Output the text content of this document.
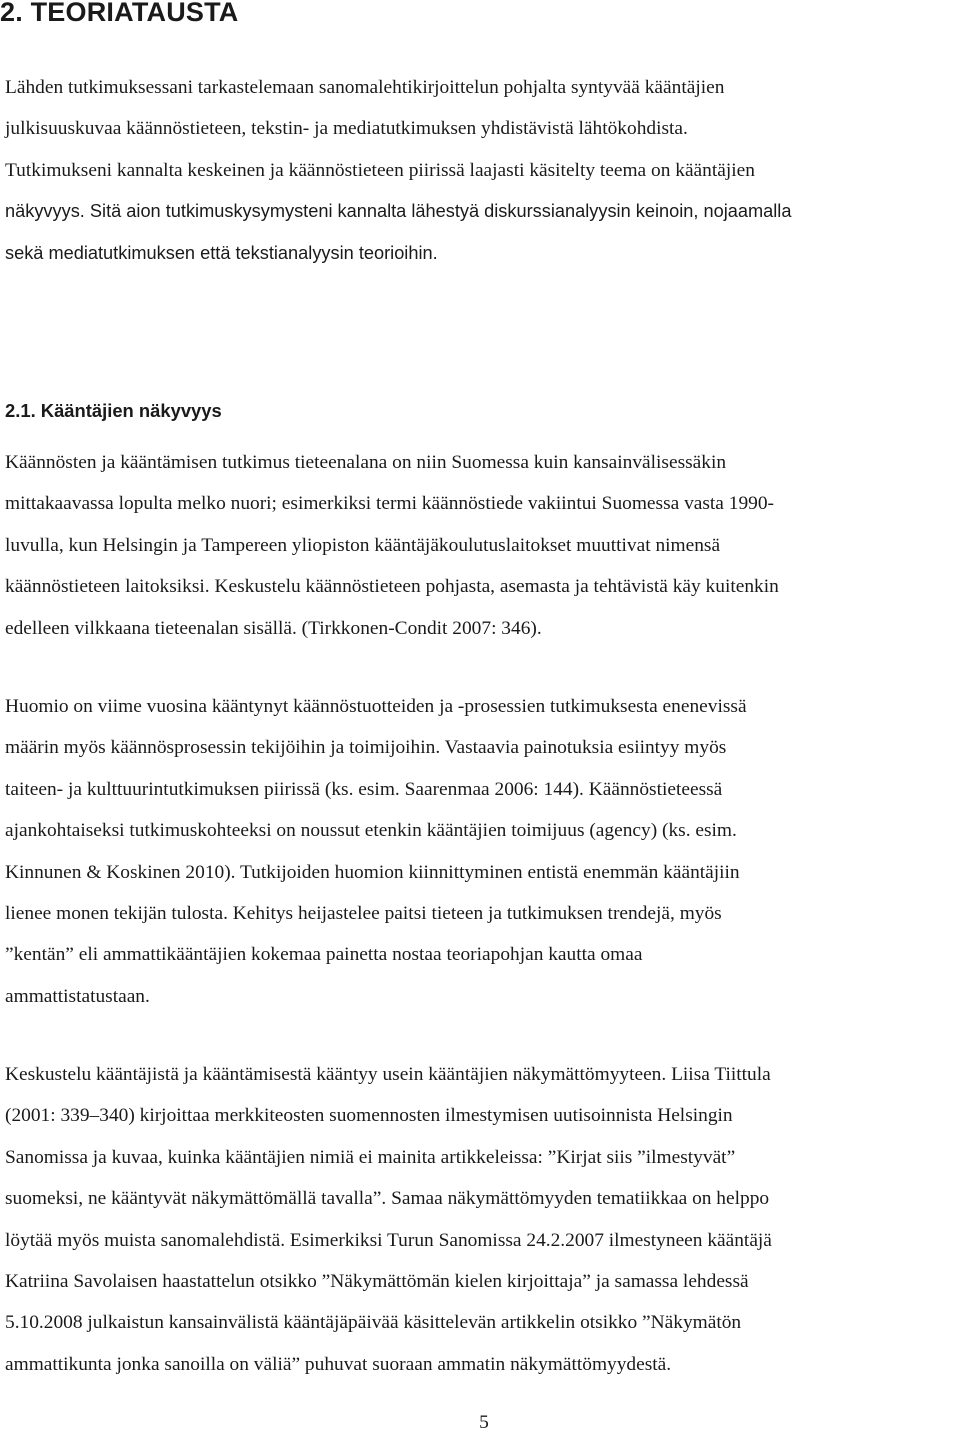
2. TEORIATAUSTA
Lähden tutkimuksessani tarkastelemaan sanomalehtikirjoittelun pohjalta syntyvää kääntäjien
julkisuuskuvaa käännöstieteen, tekstin- ja mediatutkimuksen yhdistävistä lähtökohdista.
Tutkimukseni kannalta keskeinen ja käännöstieteen piirissä laajasti käsitelty teema on kääntäjien
näkyvyys. Sitä aion tutkimuskysymysteni kannalta lähestyä diskurssianalyysin keinoin, nojaamalla
sekä mediatutkimuksen että tekstianalyysin teorioihin.
2.1. Kääntäjien näkyvyys
Käännösten ja kääntämisen tutkimus tieteenalana on niin Suomessa kuin kansainvälisessäkin
mittakaavassa lopulta melko nuori; esimerkiksi termi käännöstiede vakiintui Suomessa vasta 1990-
luvulla, kun Helsingin ja Tampereen yliopiston kääntäjäkoulutuslaitokset muuttivat nimensä
käännöstieteen laitoksiksi. Keskustelu käännöstieteen pohjasta, asemasta ja tehtävistä käy kuitenkin
edelleen vilkkaana tieteenalan sisällä. (Tirkkonen-Condit 2007: 346).
Huomio on viime vuosina kääntynyt käännöstuotteiden ja -prosessien tutkimuksesta enenevissä
määrin myös käännösprosessin tekijöihin ja toimijoihin. Vastaavia painotuksia esiintyy myös
taiteen- ja kulttuurintutkimuksen piirissä (ks. esim. Saarenmaa 2006: 144). Käännöstieteessä
ajankohtaiseksi tutkimuskohteeksi on noussut etenkin kääntäjien toimijuus (agency) (ks. esim.
Kinnunen & Koskinen 2010). Tutkijoiden huomion kiinnittyminen entistä enemmän kääntäjiin
lienee monen tekijän tulosta. Kehitys heijastelee paitsi tieteen ja tutkimuksen trendejä, myös
”kentän” eli ammattikääntäjien kokemaa painetta nostaa teoriapohjan kautta omaa
ammattistatustaan.
Keskustelu kääntäjistä ja kääntämisestä kääntyy usein kääntäjien näkymättömyyteen. Liisa Tiittula
(2001: 339–340) kirjoittaa merkkiteosten suomennosten ilmestymisen uutisoinnista Helsingin
Sanomissa ja kuvaa, kuinka kääntäjien nimiä ei mainita artikkeleissa: ”Kirjat siis ”ilmestyvät”
suomeksi, ne kääntyvät näkymättömällä tavalla”. Samaa näkymättömyyden tematiikkaa on helppo
löytää myös muista sanomalehdistä. Esimerkiksi Turun Sanomissa 24.2.2007 ilmestyneen kääntäjä
Katriina Savolaisen haastattelun otsikko ”Näkymättömän kielen kirjoittaja” ja samassa lehdessä
5.10.2008 julkaistun kansainvälistä kääntäjäpäivää käsittelevän artikkelin otsikko ”Näkymätön
ammattikunta jonka sanoilla on väliä” puhuvat suoraan ammatin näkymättömyydestä.
5
